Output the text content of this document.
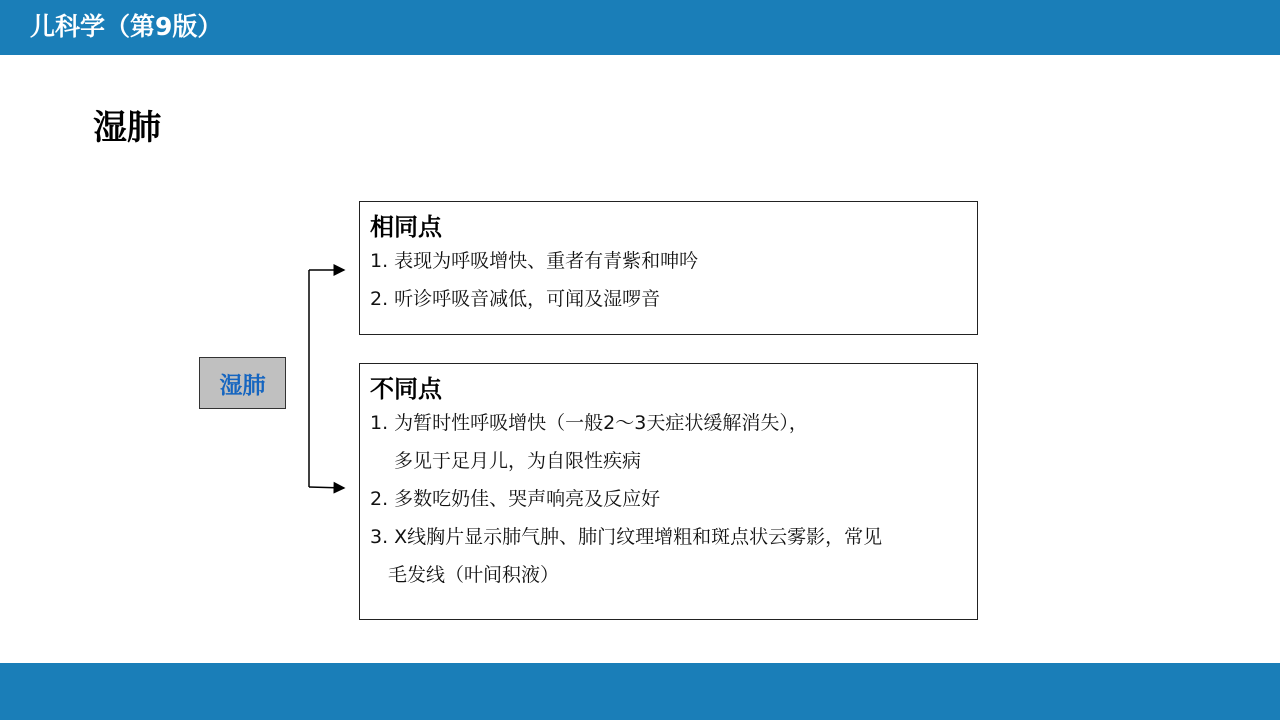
儿科学（第9版）
湿肺
湿肺
相同点
1. 表现为呼吸增快、重者有青紫和呻吟
2. 听诊呼吸音减低，可闻及湿啰音
不同点
1. 为暂时性呼吸增快（一般2～3天症状缓解消失），
多见于足月儿，为自限性疾病
2. 多数吃奶佳、哭声响亮及反应好
3. X线胸片显示肺气肿、肺门纹理增粗和斑点状云雾影，常见
毛发线（叶间积液）
